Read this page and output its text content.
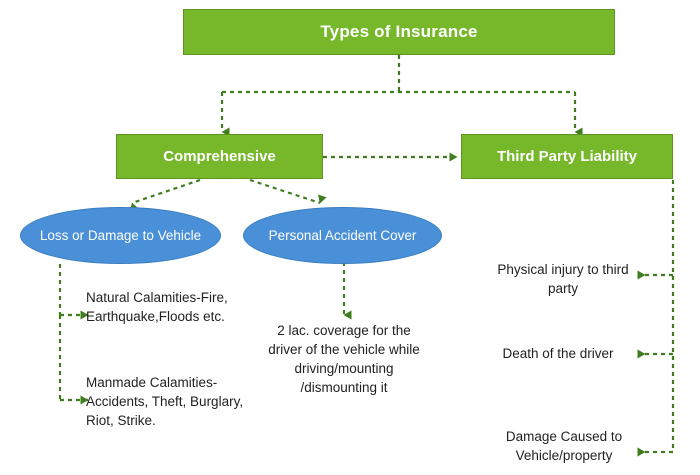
Types of Insurance
Comprehensive	Third Party Liability
Loss or Damage to Vehicle	Personal Accident Cover
Natural Calamities-Fire, Earthquake,Floods etc.
Manmade Calamities-Accidents, Theft, Burglary, Riot, Strike.
2 lac. coverage for the driver of the vehicle while driving/mounting /dismounting it
Physical injury to third party
Death of the driver
Damage Caused to Vehicle/property
